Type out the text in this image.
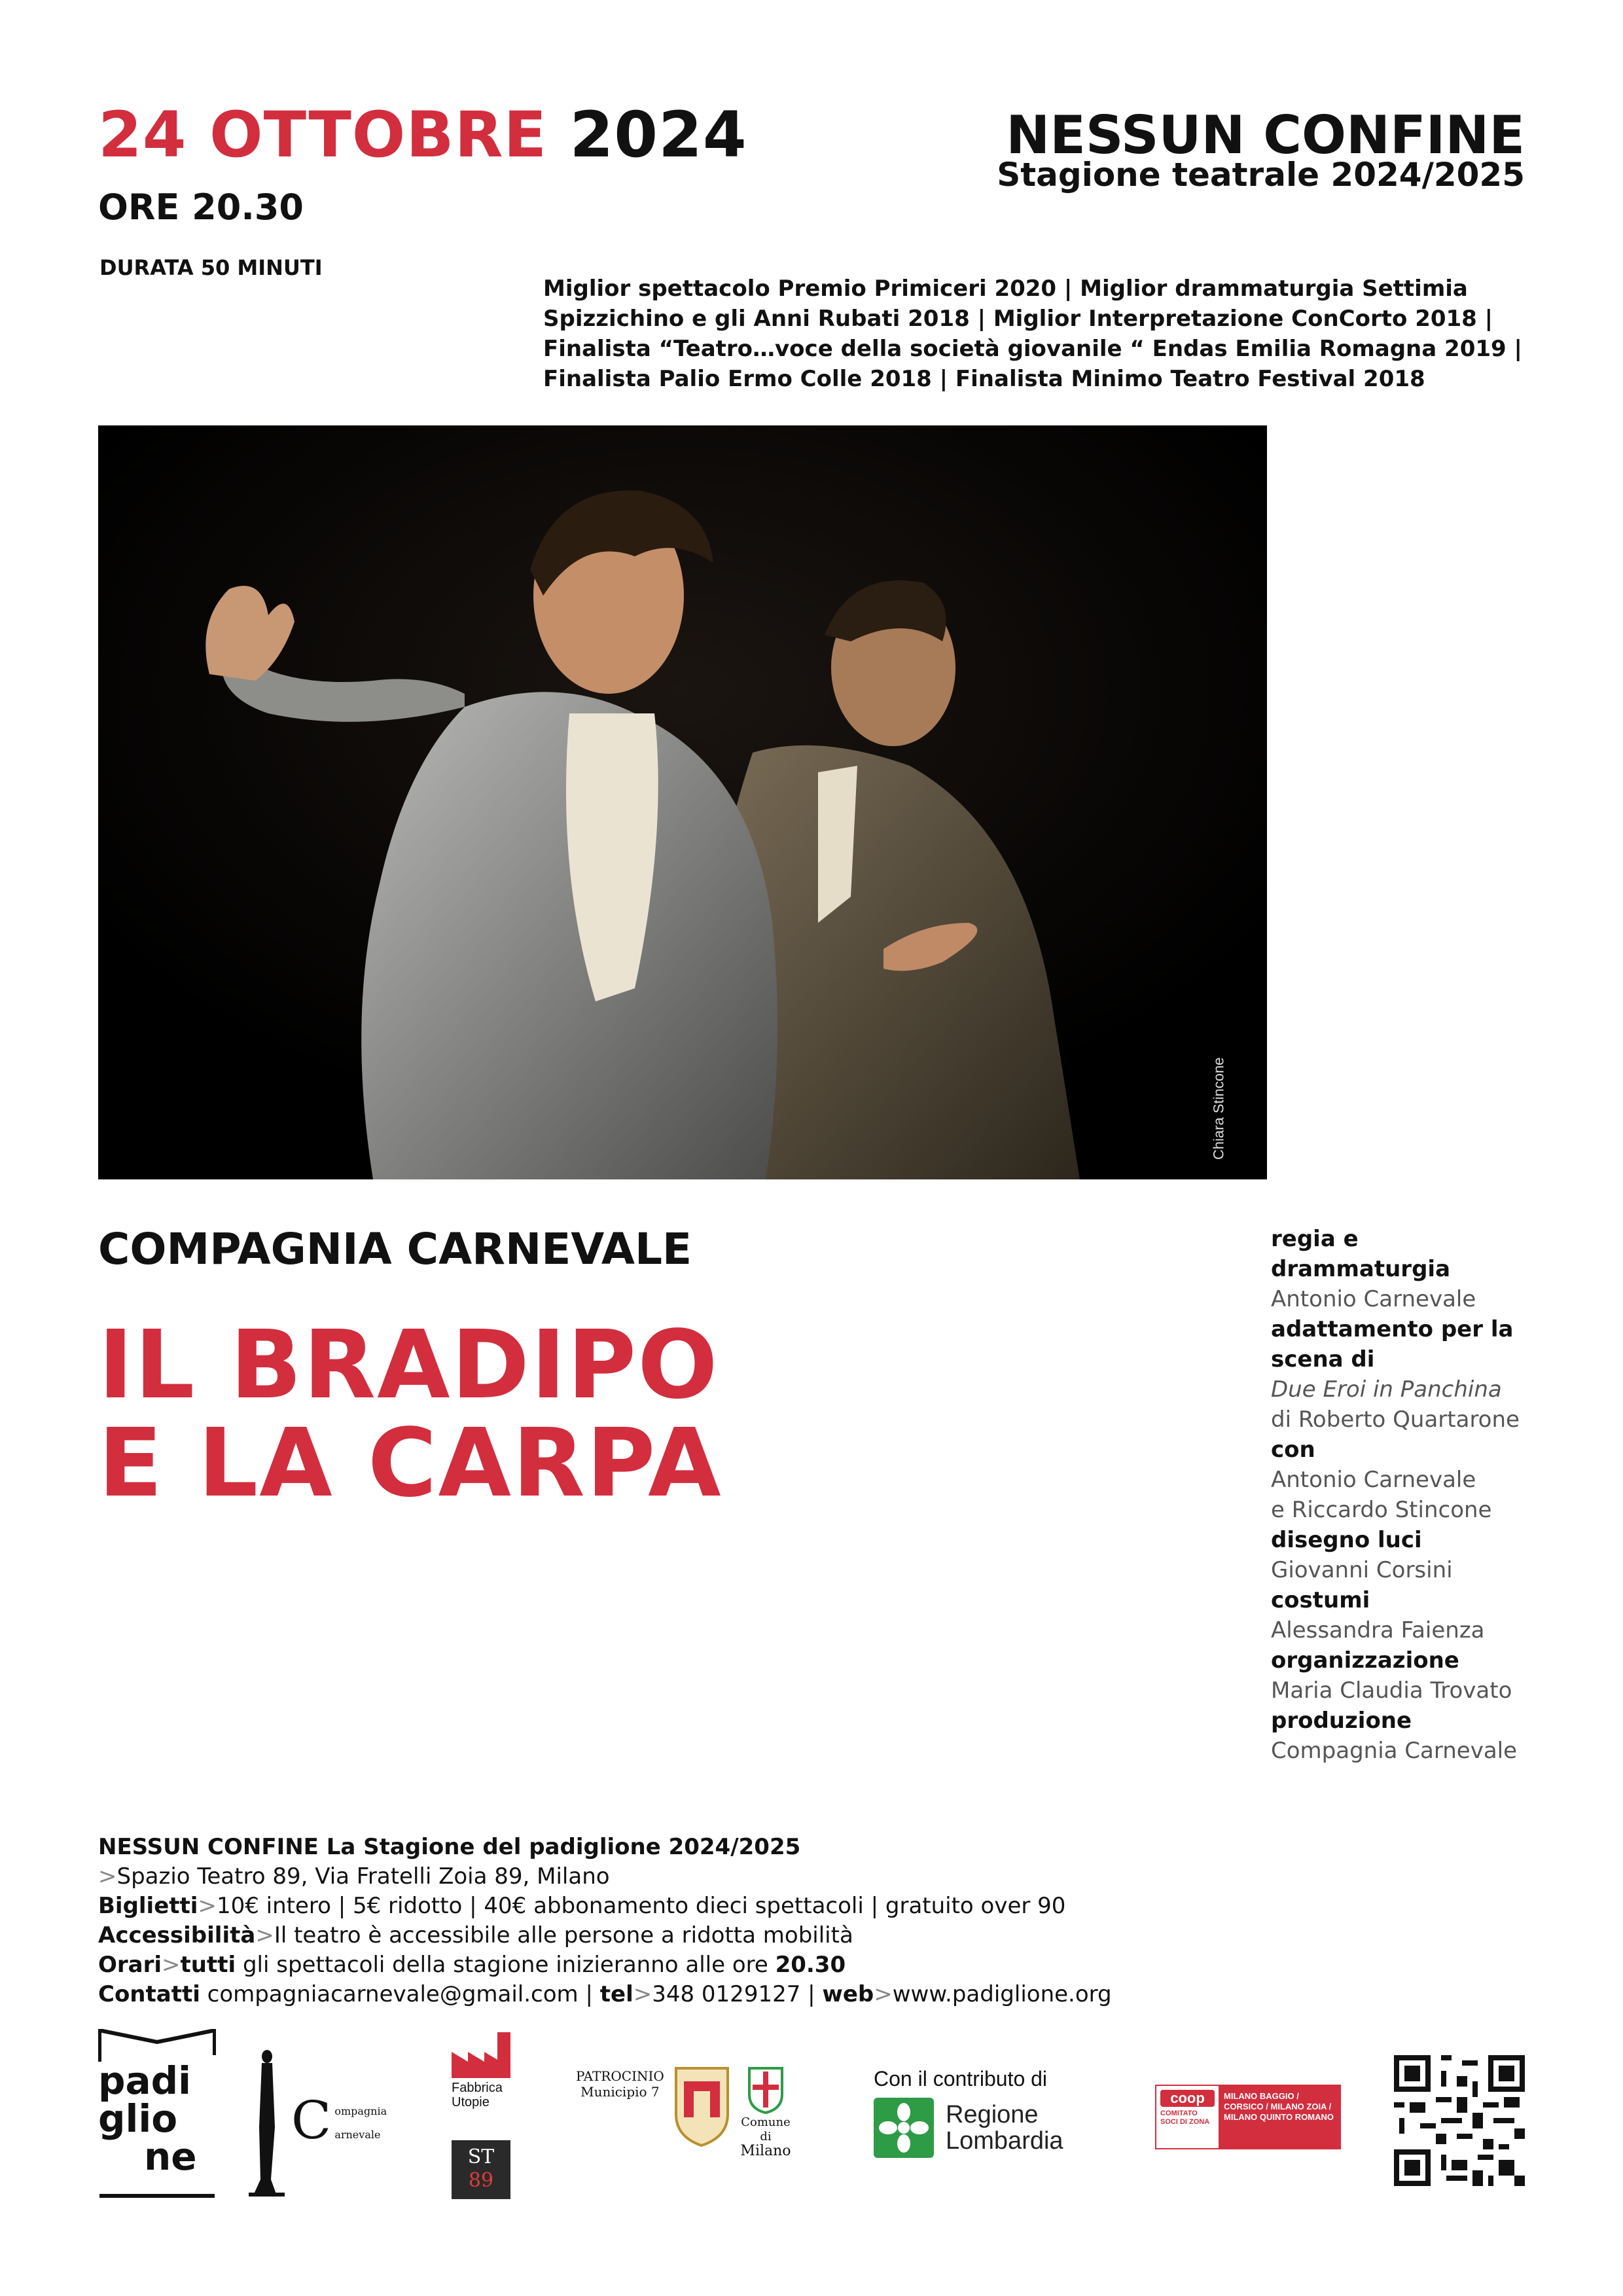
24 OTTOBRE 2024
ORE 20.30
DURATA 50 MINUTI
NESSUN CONFINE
Stagione teatrale 2024/2025
Miglior spettacolo Premio Primiceri 2020 | Miglior drammaturgia Settimia Spizzichino e gli Anni Rubati 2018 | Miglior Interpretazione ConCorto 2018 | Finalista “Teatro…voce della società giovanile “ Endas Emilia Romagna 2019 | Finalista Palio Ermo Colle 2018 | Finalista Minimo Teatro Festival 2018
Chiara Stincone
COMPAGNIA CARNEVALE
IL BRADIPO
E LA CARPA
regia e drammaturgia
Antonio Carnevale
adattamento per la scena di
Due Eroi in Panchina
di Roberto Quartarone
con
Antonio Carnevale
e Riccardo Stincone
disegno luci
Giovanni Corsini
costumi
Alessandra Faienza
organizzazione
Maria Claudia Trovato
produzione
Compagnia Carnevale
NESSUN CONFINE La Stagione del padiglione 2024/2025
>Spazio Teatro 89, Via Fratelli Zoia 89, Milano
Biglietti>10€ intero | 5€ ridotto | 40€ abbonamento dieci spettacoli | gratuito over 90
Accessibilità>Il teatro è accessibile alle persone a ridotta mobilità
Orari>tutti gli spettacoli della stagione inizieranno alle ore 20.30
Contatti compagniacarnevale@gmail.com | tel>348 0129127 | web>www.padiglione.org
padi
glio
ne
C ompagnia
arnevale
Fabbrica
Utopie
ST
89
PATROCINIO
Municipio 7
Comune di
Milano
Con il contributo di
Regione
Lombardia
coop
COMITATO SOCI DI ZONA
MILANO BAGGIO / CORSICO / MILANO ZOIA / MILANO QUINTO ROMANO
